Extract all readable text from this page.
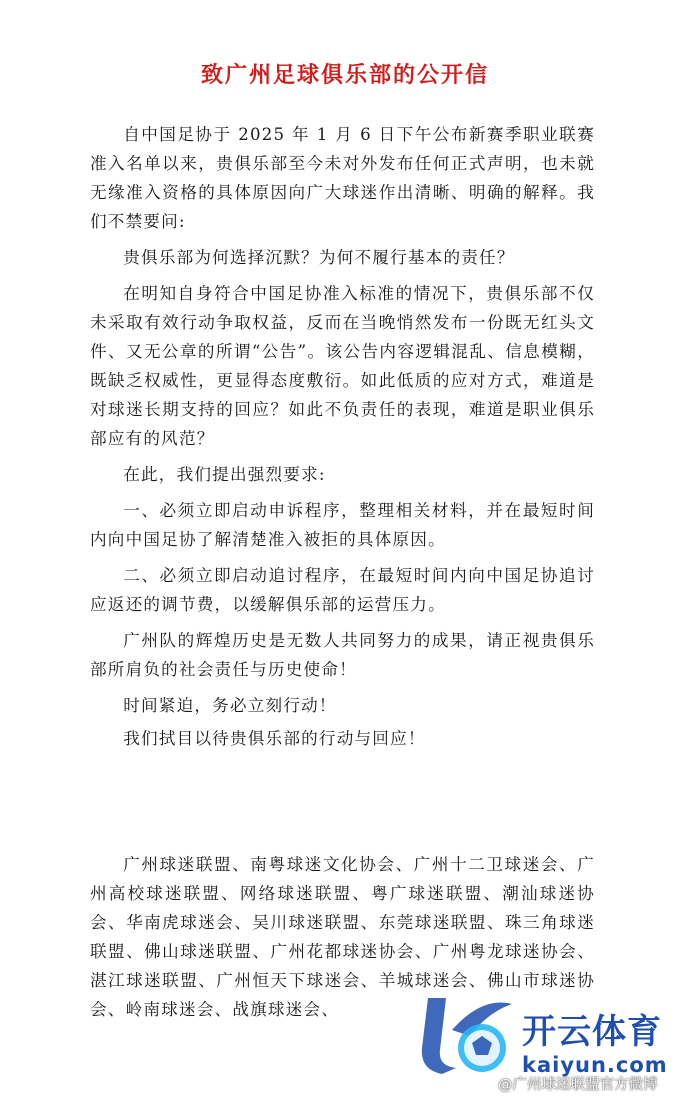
致广州足球俱乐部的公开信

自中国足协于 2025 年 1 月 6 日下午公布新赛季职业联赛准入名单以来，贵俱乐部至今未对外发布任何正式声明，也未就无缘准入资格的具体原因向广大球迷作出清晰、明确的解释。我们不禁要问:

贵俱乐部为何选择沉默？为何不履行基本的责任？

在明知自身符合中国足协准入标准的情况下，贵俱乐部不仅未采取有效行动争取权益，反而在当晚悄然发布一份既无红头文件、又无公章的所谓“公告”。该公告内容逻辑混乱、信息模糊，既缺乏权威性，更显得态度敷衍。如此低质的应对方式，难道是对球迷长期支持的回应？如此不负责任的表现，难道是职业俱乐部应有的风范？

在此，我们提出强烈要求:

一、必须立即启动申诉程序，整理相关材料，并在最短时间内向中国足协了解清楚准入被拒的具体原因。

二、必须立即启动追讨程序，在最短时间内向中国足协追讨应返还的调节费，以缓解俱乐部的运营压力。

广州队的辉煌历史是无数人共同努力的成果，请正视贵俱乐部所肩负的社会责任与历史使命！

时间紧迫，务必立刻行动！

我们拭目以待贵俱乐部的行动与回应！

广州球迷联盟、南粤球迷文化协会、广州十二卫球迷会、广州高校球迷联盟、网络球迷联盟、粤广球迷联盟、潮汕球迷协会、华南虎球迷会、吴川球迷联盟、东莞球迷联盟、珠三角球迷联盟、佛山球迷联盟、广州花都球迷协会、广州粤龙球迷协会、湛江球迷联盟、广州恒天下球迷会、羊城球迷会、佛山市球迷协会、岭南球迷会、战旗球迷会、
开云体育
kaiyun.com
@广州球迷联盟官方微博
